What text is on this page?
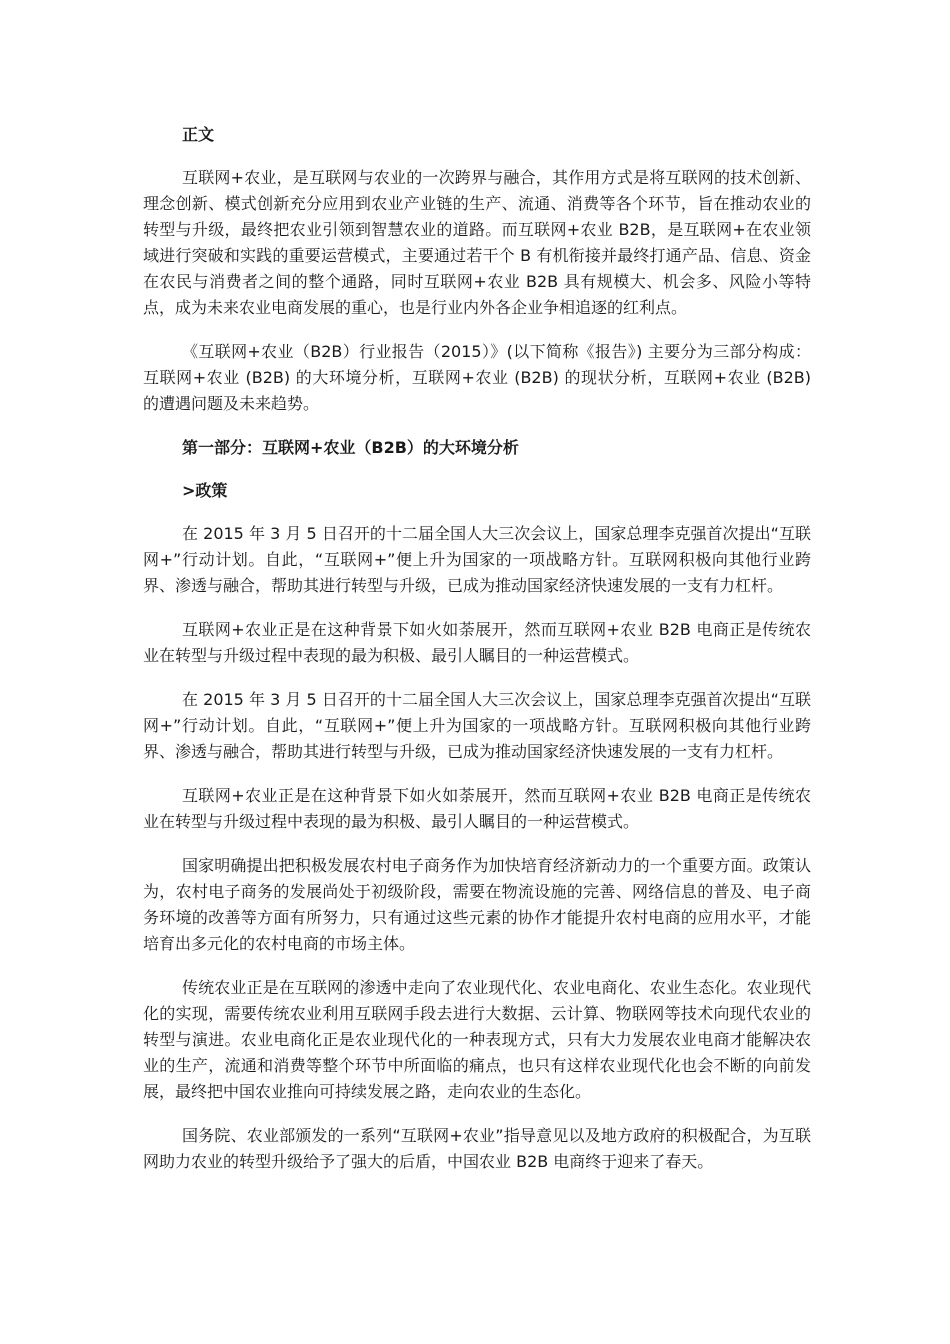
正文

互联网+农业，是互联网与农业的一次跨界与融合，其作用方式是将互联网的技术创新、理念创新、模式创新充分应用到农业产业链的生产、流通、消费等各个环节，旨在推动农业的转型与升级，最终把农业引领到智慧农业的道路。而互联网+农业 B2B，是互联网+在农业领域进行突破和实践的重要运营模式，主要通过若干个 B 有机衔接并最终打通产品、信息、资金在农民与消费者之间的整个通路，同时互联网+农业 B2B 具有规模大、机会多、风险小等特点，成为未来农业电商发展的重心，也是行业内外各企业争相追逐的红利点。

《互联网+农业（B2B）行业报告（2015）》(以下简称《报告》) 主要分为三部分构成：互联网+农业 (B2B) 的大环境分析，互联网+农业 (B2B) 的现状分析，互联网+农业 (B2B) 的遭遇问题及未来趋势。

第一部分：互联网+农业（B2B）的大环境分析
>政策

在 2015 年 3 月 5 日召开的十二届全国人大三次会议上，国家总理李克强首次提出“互联网+”行动计划。自此，“互联网+”便上升为国家的一项战略方针。互联网积极向其他行业跨界、渗透与融合，帮助其进行转型与升级，已成为推动国家经济快速发展的一支有力杠杆。

互联网+农业正是在这种背景下如火如荼展开，然而互联网+农业 B2B 电商正是传统农业在转型与升级过程中表现的最为积极、最引人瞩目的一种运营模式。

在 2015 年 3 月 5 日召开的十二届全国人大三次会议上，国家总理李克强首次提出“互联网+”行动计划。自此，“互联网+”便上升为国家的一项战略方针。互联网积极向其他行业跨界、渗透与融合，帮助其进行转型与升级，已成为推动国家经济快速发展的一支有力杠杆。

互联网+农业正是在这种背景下如火如荼展开，然而互联网+农业 B2B 电商正是传统农业在转型与升级过程中表现的最为积极、最引人瞩目的一种运营模式。

国家明确提出把积极发展农村电子商务作为加快培育经济新动力的一个重要方面。政策认为，农村电子商务的发展尚处于初级阶段，需要在物流设施的完善、网络信息的普及、电子商务环境的改善等方面有所努力，只有通过这些元素的协作才能提升农村电商的应用水平，才能培育出多元化的农村电商的市场主体。

传统农业正是在互联网的渗透中走向了农业现代化、农业电商化、农业生态化。农业现代化的实现，需要传统农业利用互联网手段去进行大数据、云计算、物联网等技术向现代农业的转型与演进。农业电商化正是农业现代化的一种表现方式，只有大力发展农业电商才能解决农业的生产，流通和消费等整个环节中所面临的痛点，也只有这样农业现代化也会不断的向前发展，最终把中国农业推向可持续发展之路，走向农业的生态化。

国务院、农业部颁发的一系列“互联网+农业”指导意见以及地方政府的积极配合，为互联网助力农业的转型升级给予了强大的后盾，中国农业 B2B 电商终于迎来了春天。
